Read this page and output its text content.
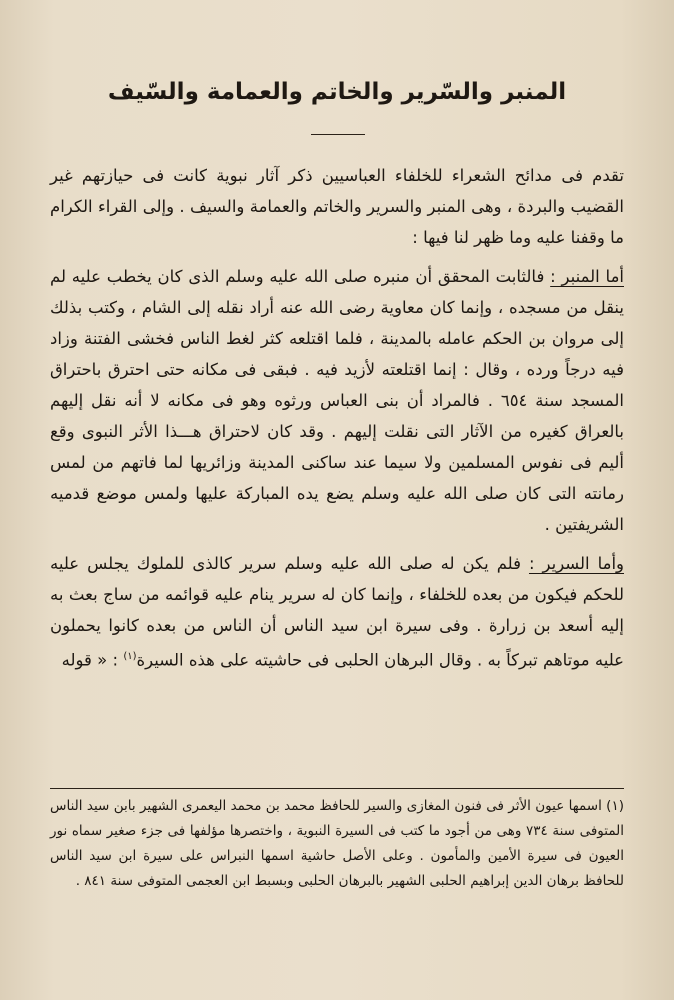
المنبر والسّرير والخاتم والعمامة والسّيف

تقدم فى مدائح الشعراء للخلفاء العباسيين ذكر آثار نبوية كانت فى حيازتهم غير القضيب والبردة ، وهى المنبر والسرير والخاتم والعمامة والسيف . وإلى القراء الكرام ما وقفنا عليه وما ظهر لنا فيها :

أما المنبر : فالثابت المحقق أن منبره صلى الله عليه وسلم الذى كان يخطب عليه لم ينقل من مسجده ، وإنما كان معاوية رضى الله عنه أراد نقله إلى الشام ، وكتب بذلك إلى مروان بن الحكم عامله بالمدينة ، فلما اقتلعه كثر لغط الناس فخشى الفتنة وزاد فيه درجاً ورده ، وقال : إنما اقتلعته لأزيد فيه . فبقى فى مكانه حتى احترق باحتراق المسجد سنة ٦٥٤ . فالمراد أن بنى العباس ورثوه وهو فى مكانه لا أنه نقل إليهم بالعراق كغيره من الآثار التى نقلت إليهم . وقد كان لاحتراق هـــذا الأثر النبوى وقع أليم فى نفوس المسلمين ولا سيما عند ساكنى المدينة وزائريها لما فاتهم من لمس رمانته التى كان صلى الله عليه وسلم يضع يده المباركة عليها ولمس موضع قدميه الشريفتين .

وأما السرير : فلم يكن له صلى الله عليه وسلم سرير كالذى للملوك يجلس عليه للحكم فيكون من بعده للخلفاء ، وإنما كان له سرير ينام عليه قوائمه من ساج بعث به إليه أسعد بن زرارة . وفى سيرة ابن سيد الناس أن الناس من بعده كانوا يحملون عليه موتاهم تبركاً به . وقال البرهان الحلبى فى حاشيته على هذه السيرة$^{(١)}$ : « قوله

(١) اسمها عيون الأثر فى فنون المغازى والسير للحافظ محمد بن محمد اليعمرى الشهير بابن سيد الناس المتوفى سنة ٧٣٤ وهى من أجود ما كتب فى السيرة النبوية ، واختصرها مؤلفها فى جزء صغير سماه نور العيون فى سيرة الأمين والمأمون . وعلى الأصل حاشية اسمها النبراس على سيرة ابن سيد الناس للحافظ برهان الدين إبراهيم الحلبى الشهير بالبرهان الحلبى وبسبط ابن العجمى المتوفى سنة ٨٤١ .
